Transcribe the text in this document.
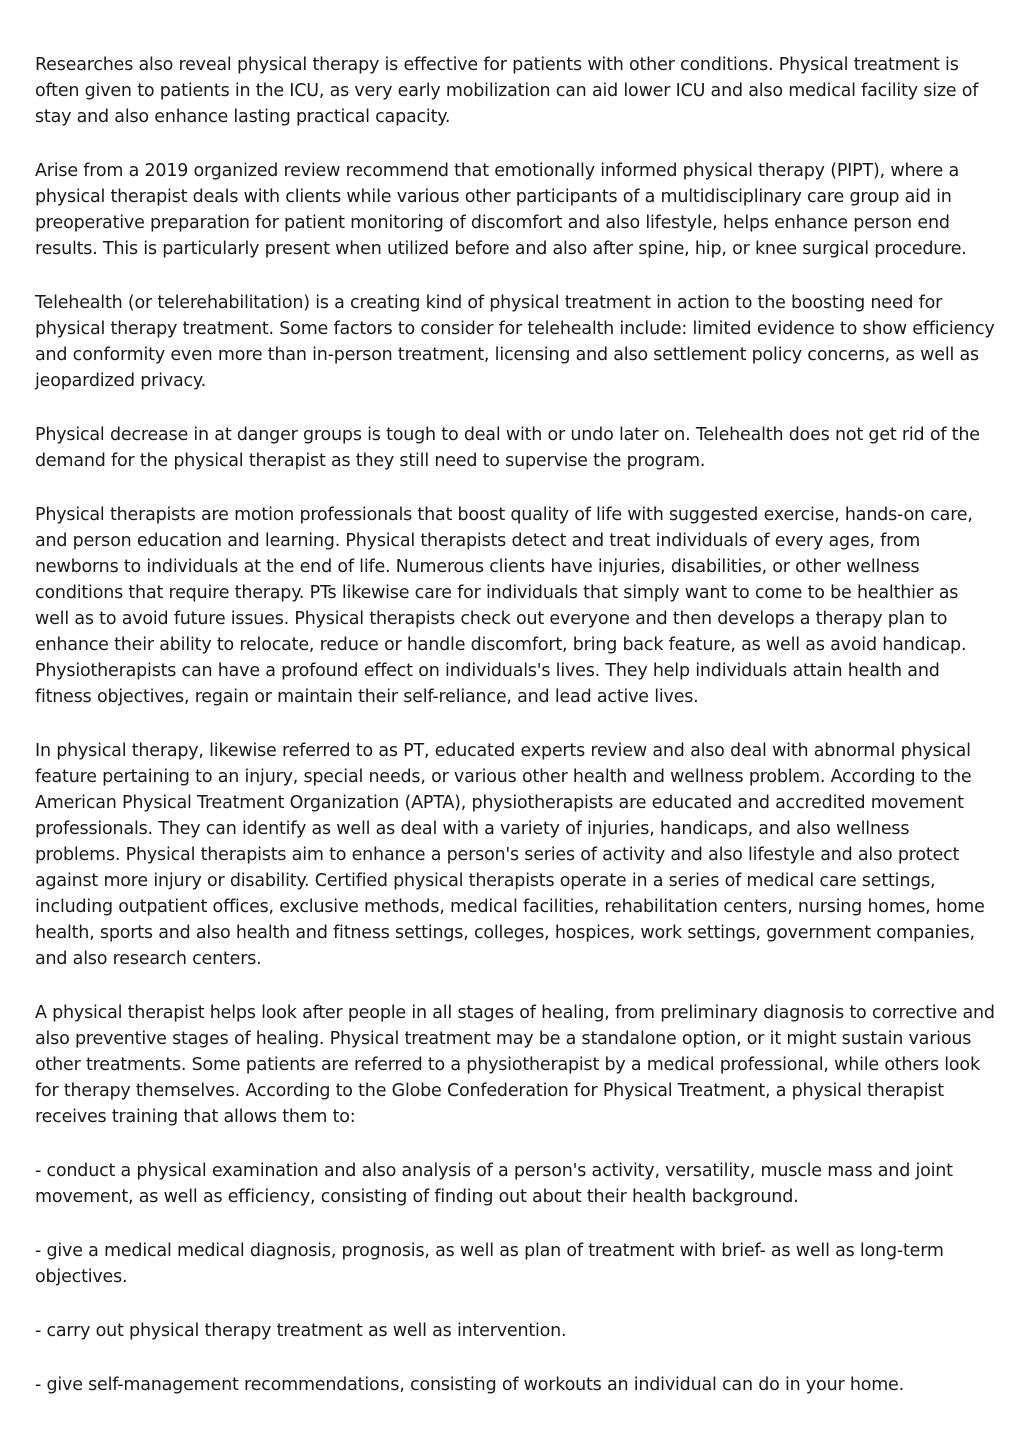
Researches also reveal physical therapy is effective for patients with other conditions. Physical treatment is often given to patients in the ICU, as very early mobilization can aid lower ICU and also medical facility size of stay and also enhance lasting practical capacity.

Arise from a 2019 organized review recommend that emotionally informed physical therapy (PIPT), where a physical therapist deals with clients while various other participants of a multidisciplinary care group aid in preoperative preparation for patient monitoring of discomfort and also lifestyle, helps enhance person end results. This is particularly present when utilized before and also after spine, hip, or knee surgical procedure.

Telehealth (or telerehabilitation) is a creating kind of physical treatment in action to the boosting need for physical therapy treatment. Some factors to consider for telehealth include: limited evidence to show efficiency and conformity even more than in-person treatment, licensing and also settlement policy concerns, as well as jeopardized privacy.

Physical decrease in at danger groups is tough to deal with or undo later on. Telehealth does not get rid of the demand for the physical therapist as they still need to supervise the program.

Physical therapists are motion professionals that boost quality of life with suggested exercise, hands-on care, and person education and learning. Physical therapists detect and treat individuals of every ages, from newborns to individuals at the end of life. Numerous clients have injuries, disabilities, or other wellness conditions that require therapy. PTs likewise care for individuals that simply want to come to be healthier as well as to avoid future issues. Physical therapists check out everyone and then develops a therapy plan to enhance their ability to relocate, reduce or handle discomfort, bring back feature, as well as avoid handicap. Physiotherapists can have a profound effect on individuals's lives. They help individuals attain health and fitness objectives, regain or maintain their self-reliance, and lead active lives.

In physical therapy, likewise referred to as PT, educated experts review and also deal with abnormal physical feature pertaining to an injury, special needs, or various other health and wellness problem. According to the American Physical Treatment Organization (APTA), physiotherapists are educated and accredited movement professionals. They can identify as well as deal with a variety of injuries, handicaps, and also wellness problems. Physical therapists aim to enhance a person's series of activity and also lifestyle and also protect against more injury or disability. Certified physical therapists operate in a series of medical care settings, including outpatient offices, exclusive methods, medical facilities, rehabilitation centers, nursing homes, home health, sports and also health and fitness settings, colleges, hospices, work settings, government companies, and also research centers.

A physical therapist helps look after people in all stages of healing, from preliminary diagnosis to corrective and also preventive stages of healing. Physical treatment may be a standalone option, or it might sustain various other treatments. Some patients are referred to a physiotherapist by a medical professional, while others look for therapy themselves. According to the Globe Confederation for Physical Treatment, a physical therapist receives training that allows them to:

- conduct a physical examination and also analysis of a person's activity, versatility, muscle mass and joint movement, as well as efficiency, consisting of finding out about their health background.

- give a medical medical diagnosis, prognosis, as well as plan of treatment with brief- as well as long-term objectives.

- carry out physical therapy treatment as well as intervention.

- give self-management recommendations, consisting of workouts an individual can do in your home.
